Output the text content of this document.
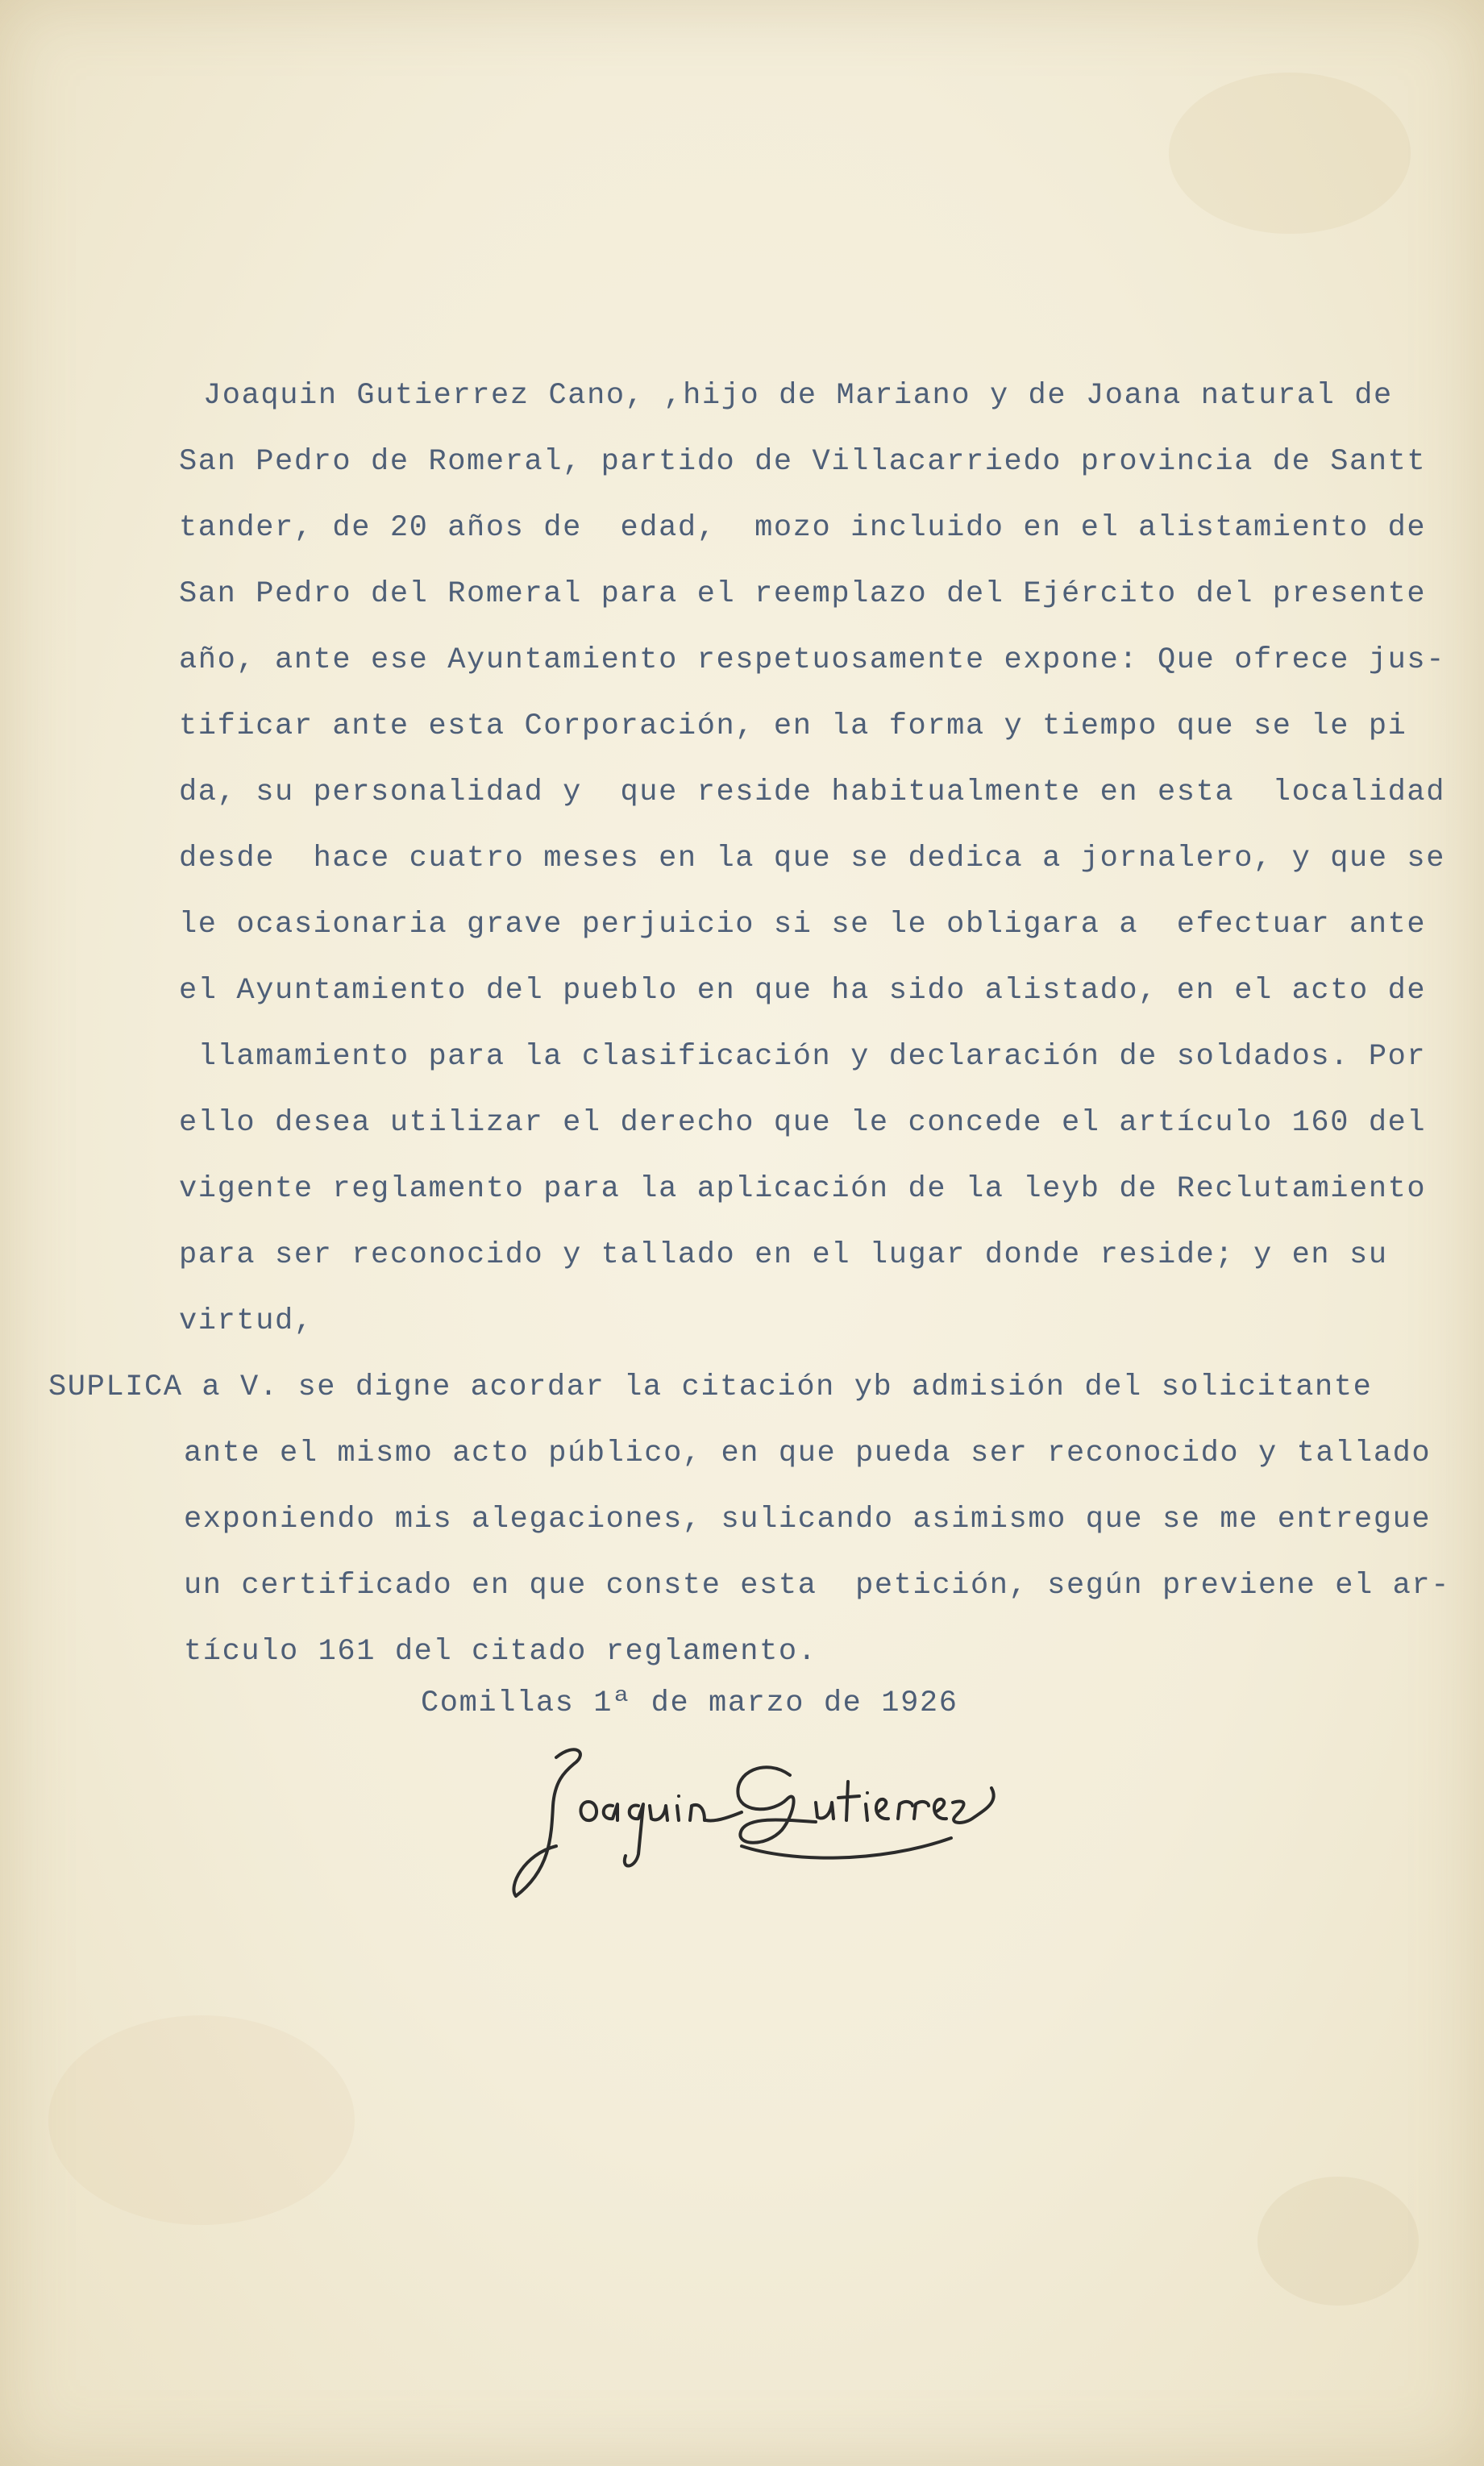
Joaquin Gutierrez Cano, ,hijo de Mariano y de Joana natural de

San Pedro de Romeral, partido de Villacarriedo provincia de Santt

tander, de 20 años de  edad,  mozo incluido en el alistamiento de

San Pedro del Romeral para el reemplazo del Ejército del presente

año, ante ese Ayuntamiento respetuosamente expone: Que ofrece jus-

tificar ante esta Corporación, en la forma y tiempo que se le pi

da, su personalidad y  que reside habitualmente en esta  localidad

desde  hace cuatro meses en la que se dedica a jornalero, y que se

le ocasionaria grave perjuicio si se le obligara a  efectuar ante

el Ayuntamiento del pueblo en que ha sido alistado, en el acto de

llamamiento para la clasificación y declaración de soldados. Por

ello desea utilizar el derecho que le concede el artículo 160 del

vigente reglamento para la aplicación de la leyb de Reclutamiento

para ser reconocido y tallado en el lugar donde reside; y en su

virtud,

SUPLICA a V. se digne acordar la citación yb admisión del solicitante

ante el mismo acto público, en que pueda ser reconocido y tallado

exponiendo mis alegaciones, sulicando asimismo que se me entregue

un certificado en que conste esta  petición, según previene el ar-

tículo 161 del citado reglamento.

Comillas 1ª de marzo de 1926
